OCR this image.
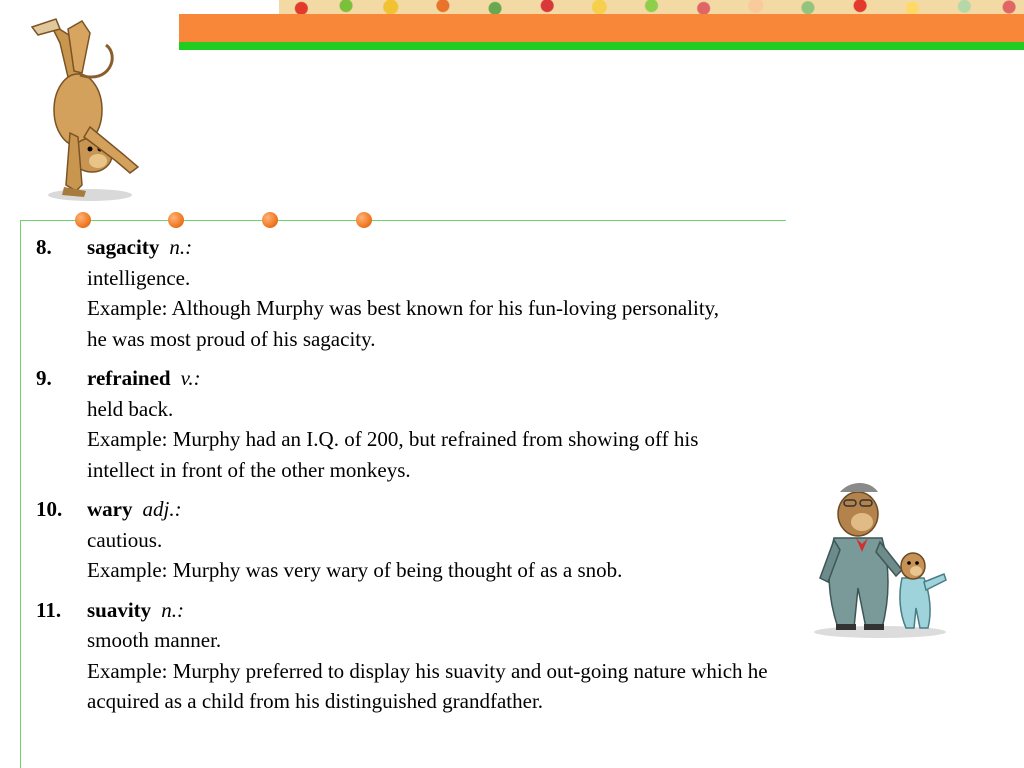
8. sagacity n.:
intelligence.
Example: Although Murphy was best known for his fun-loving personality,
he was most proud of his sagacity.
9. refrained v.:
held back.
Example: Murphy had an I.Q. of 200, but refrained from showing off his
intellect in front of the other monkeys.
10. wary adj.:
cautious.
Example: Murphy was very wary of being thought of as a snob.
11. suavity n.:
smooth manner.
Example: Murphy preferred to display his suavity and out-going nature which he
acquired as a child from his distinguished grandfather.
